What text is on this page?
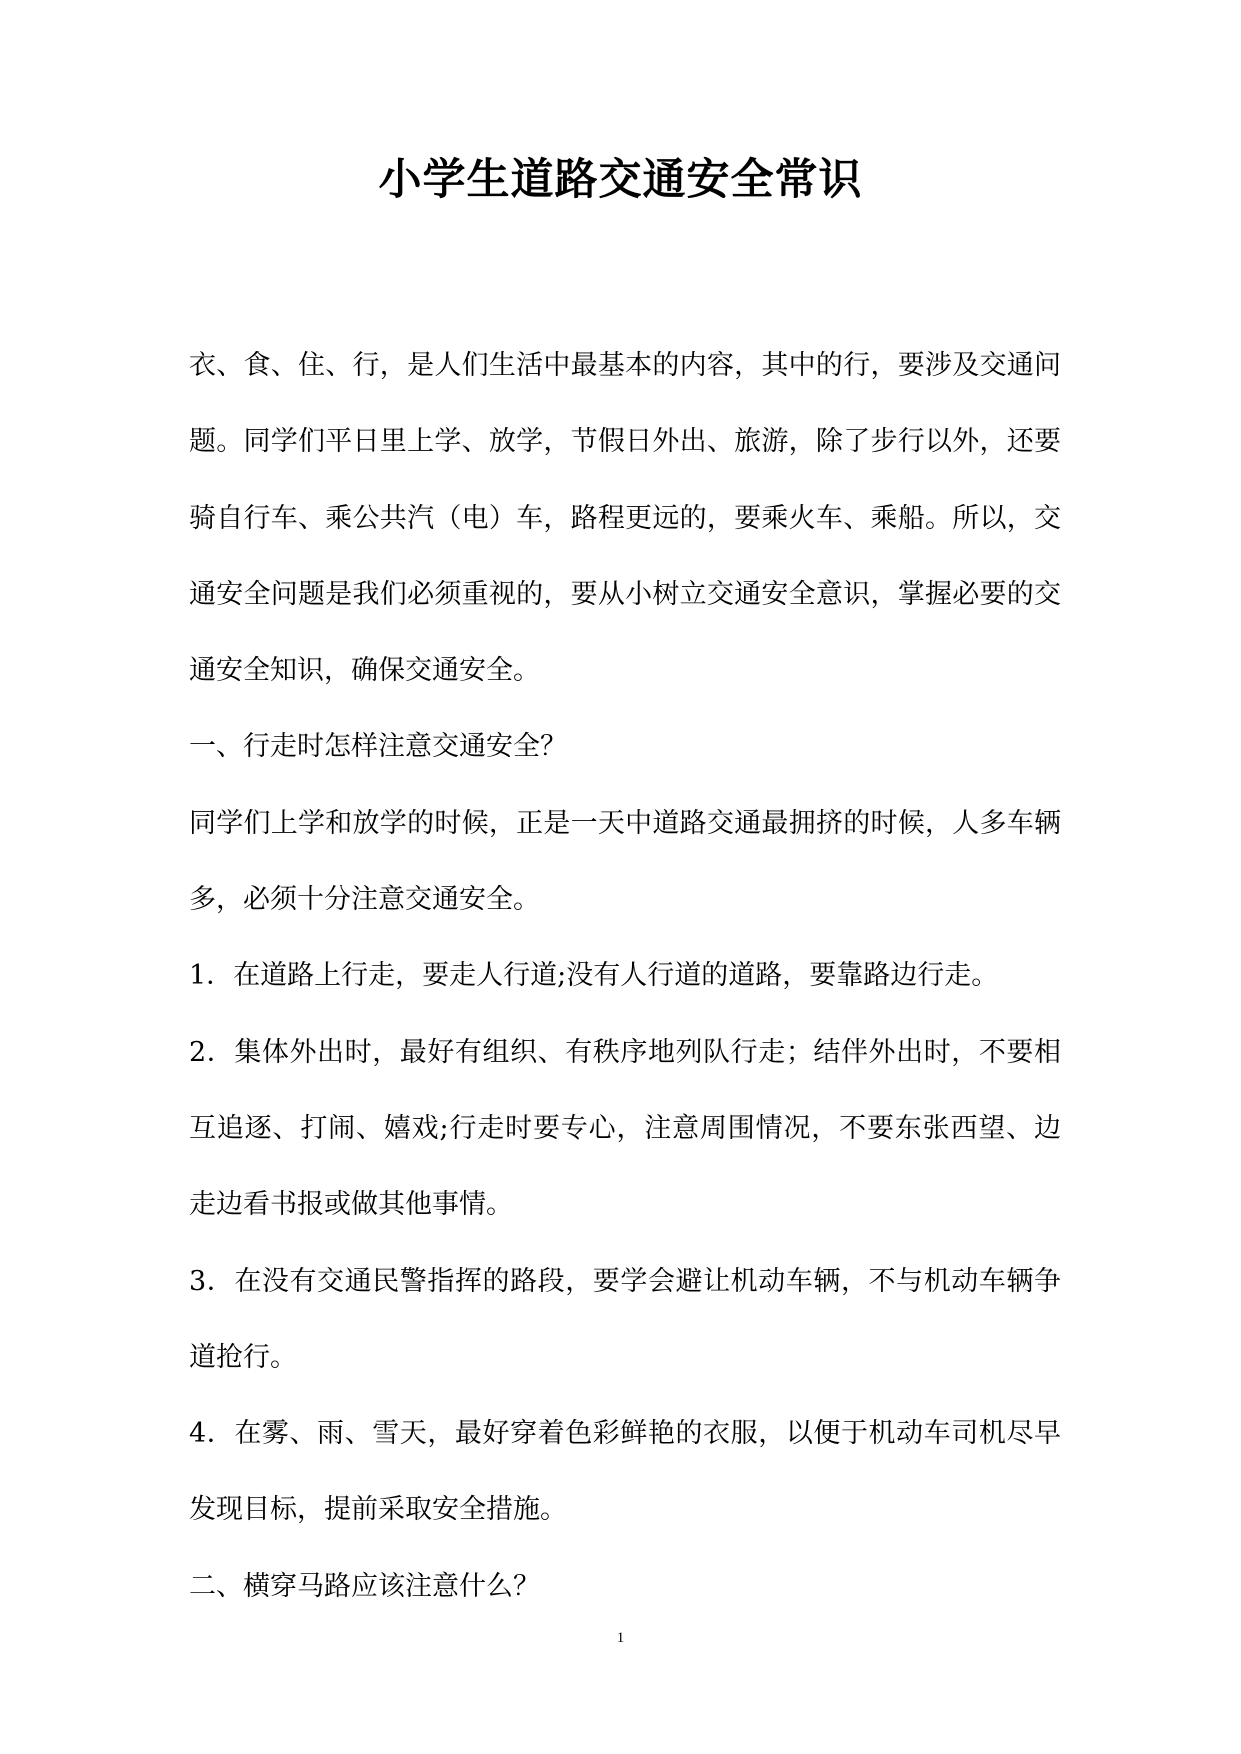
小学生道路交通安全常识

衣、食、住、行，是人们生活中最基本的内容，其中的行，要涉及交通问题。同学们平日里上学、放学，节假日外出、旅游，除了步行以外，还要骑自行车、乘公共汽（电）车，路程更远的，要乘火车、乘船。所以，交通安全问题是我们必须重视的，要从小树立交通安全意识，掌握必要的交通安全知识，确保交通安全。

一、行走时怎样注意交通安全？

同学们上学和放学的时候，正是一天中道路交通最拥挤的时候，人多车辆多，必须十分注意交通安全。

1．在道路上行走，要走人行道;没有人行道的道路，要靠路边行走。

2．集体外出时，最好有组织、有秩序地列队行走；结伴外出时，不要相互追逐、打闹、嬉戏;行走时要专心，注意周围情况，不要东张西望、边走边看书报或做其他事情。

3．在没有交通民警指挥的路段，要学会避让机动车辆，不与机动车辆争道抢行。

4．在雾、雨、雪天，最好穿着色彩鲜艳的衣服，以便于机动车司机尽早发现目标，提前采取安全措施。

二、横穿马路应该注意什么？

1
